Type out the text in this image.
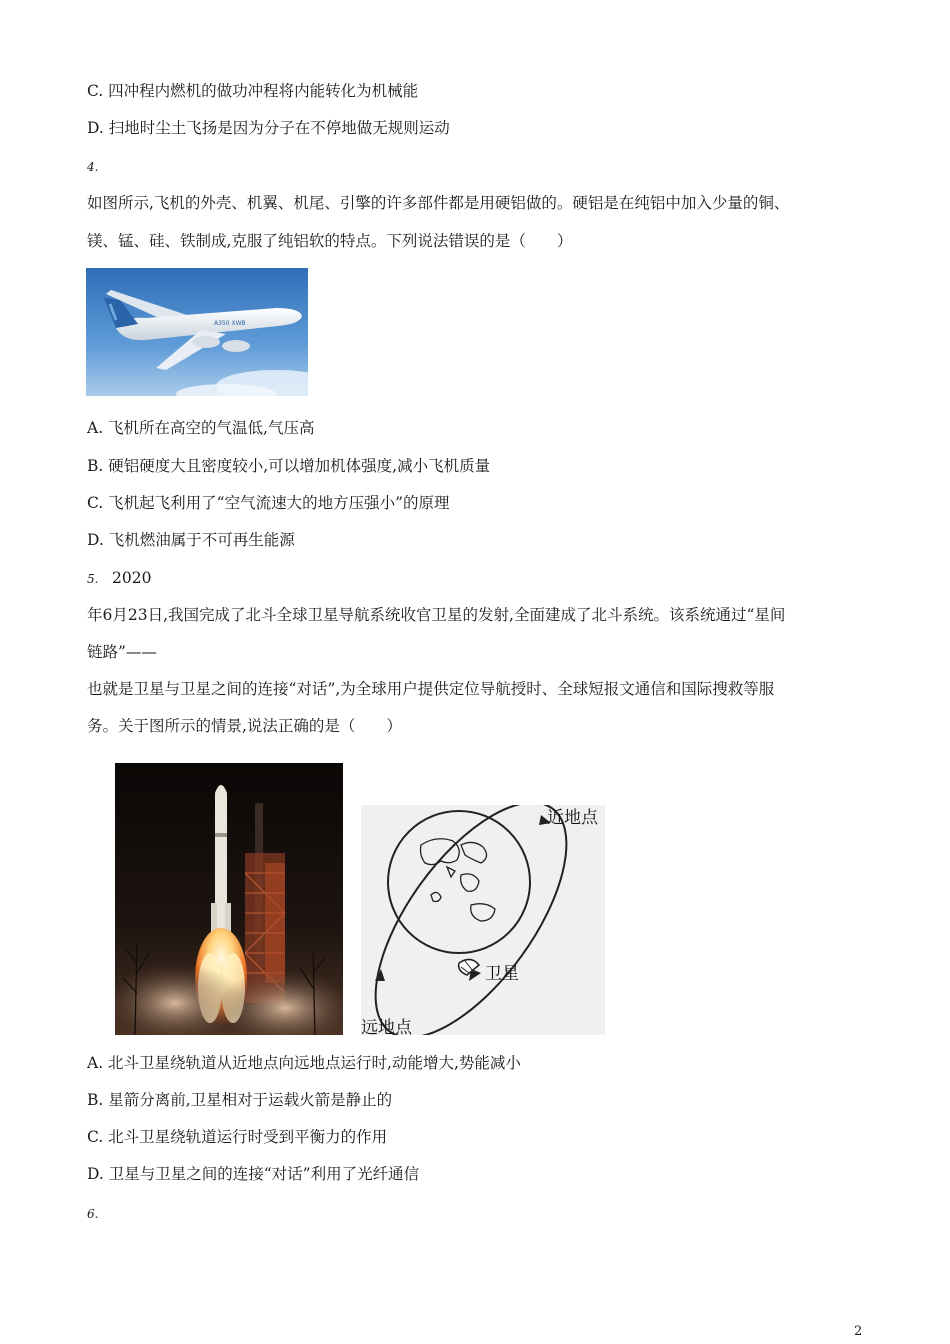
C. 四冲程内燃机的做功冲程将内能转化为机械能
D. 扫地时尘土飞扬是因为分子在不停地做无规则运动
4.
如图所示,飞机的外壳、机翼、机尾、引擎的许多部件都是用硬铝做的。硬铝是在纯铝中加入少量的铜、
镁、锰、硅、铁制成,克服了纯铝软的特点。下列说法错误的是（　　）
A350 XWB
A. 飞机所在高空的气温低,气压高
B. 硬铝硬度大且密度较小,可以增加机体强度,减小飞机质量
C. 飞机起飞利用了“空气流速大的地方压强小”的原理
D. 飞机燃油属于不可再生能源
5. 2020
年6月23日,我国完成了北斗全球卫星导航系统收官卫星的发射,全面建成了北斗系统。该系统通过“星间
链路”——
也就是卫星与卫星之间的连接“对话”,为全球用户提供定位导航授时、全球短报文通信和国际搜救等服
务。关于图所示的情景,说法正确的是（　　）
近地点
远地点
卫星
A. 北斗卫星绕轨道从近地点向远地点运行时,动能增大,势能减小
B. 星箭分离前,卫星相对于运载火箭是静止的
C. 北斗卫星绕轨道运行时受到平衡力的作用
D. 卫星与卫星之间的连接“对话”利用了光纤通信
6.
2
